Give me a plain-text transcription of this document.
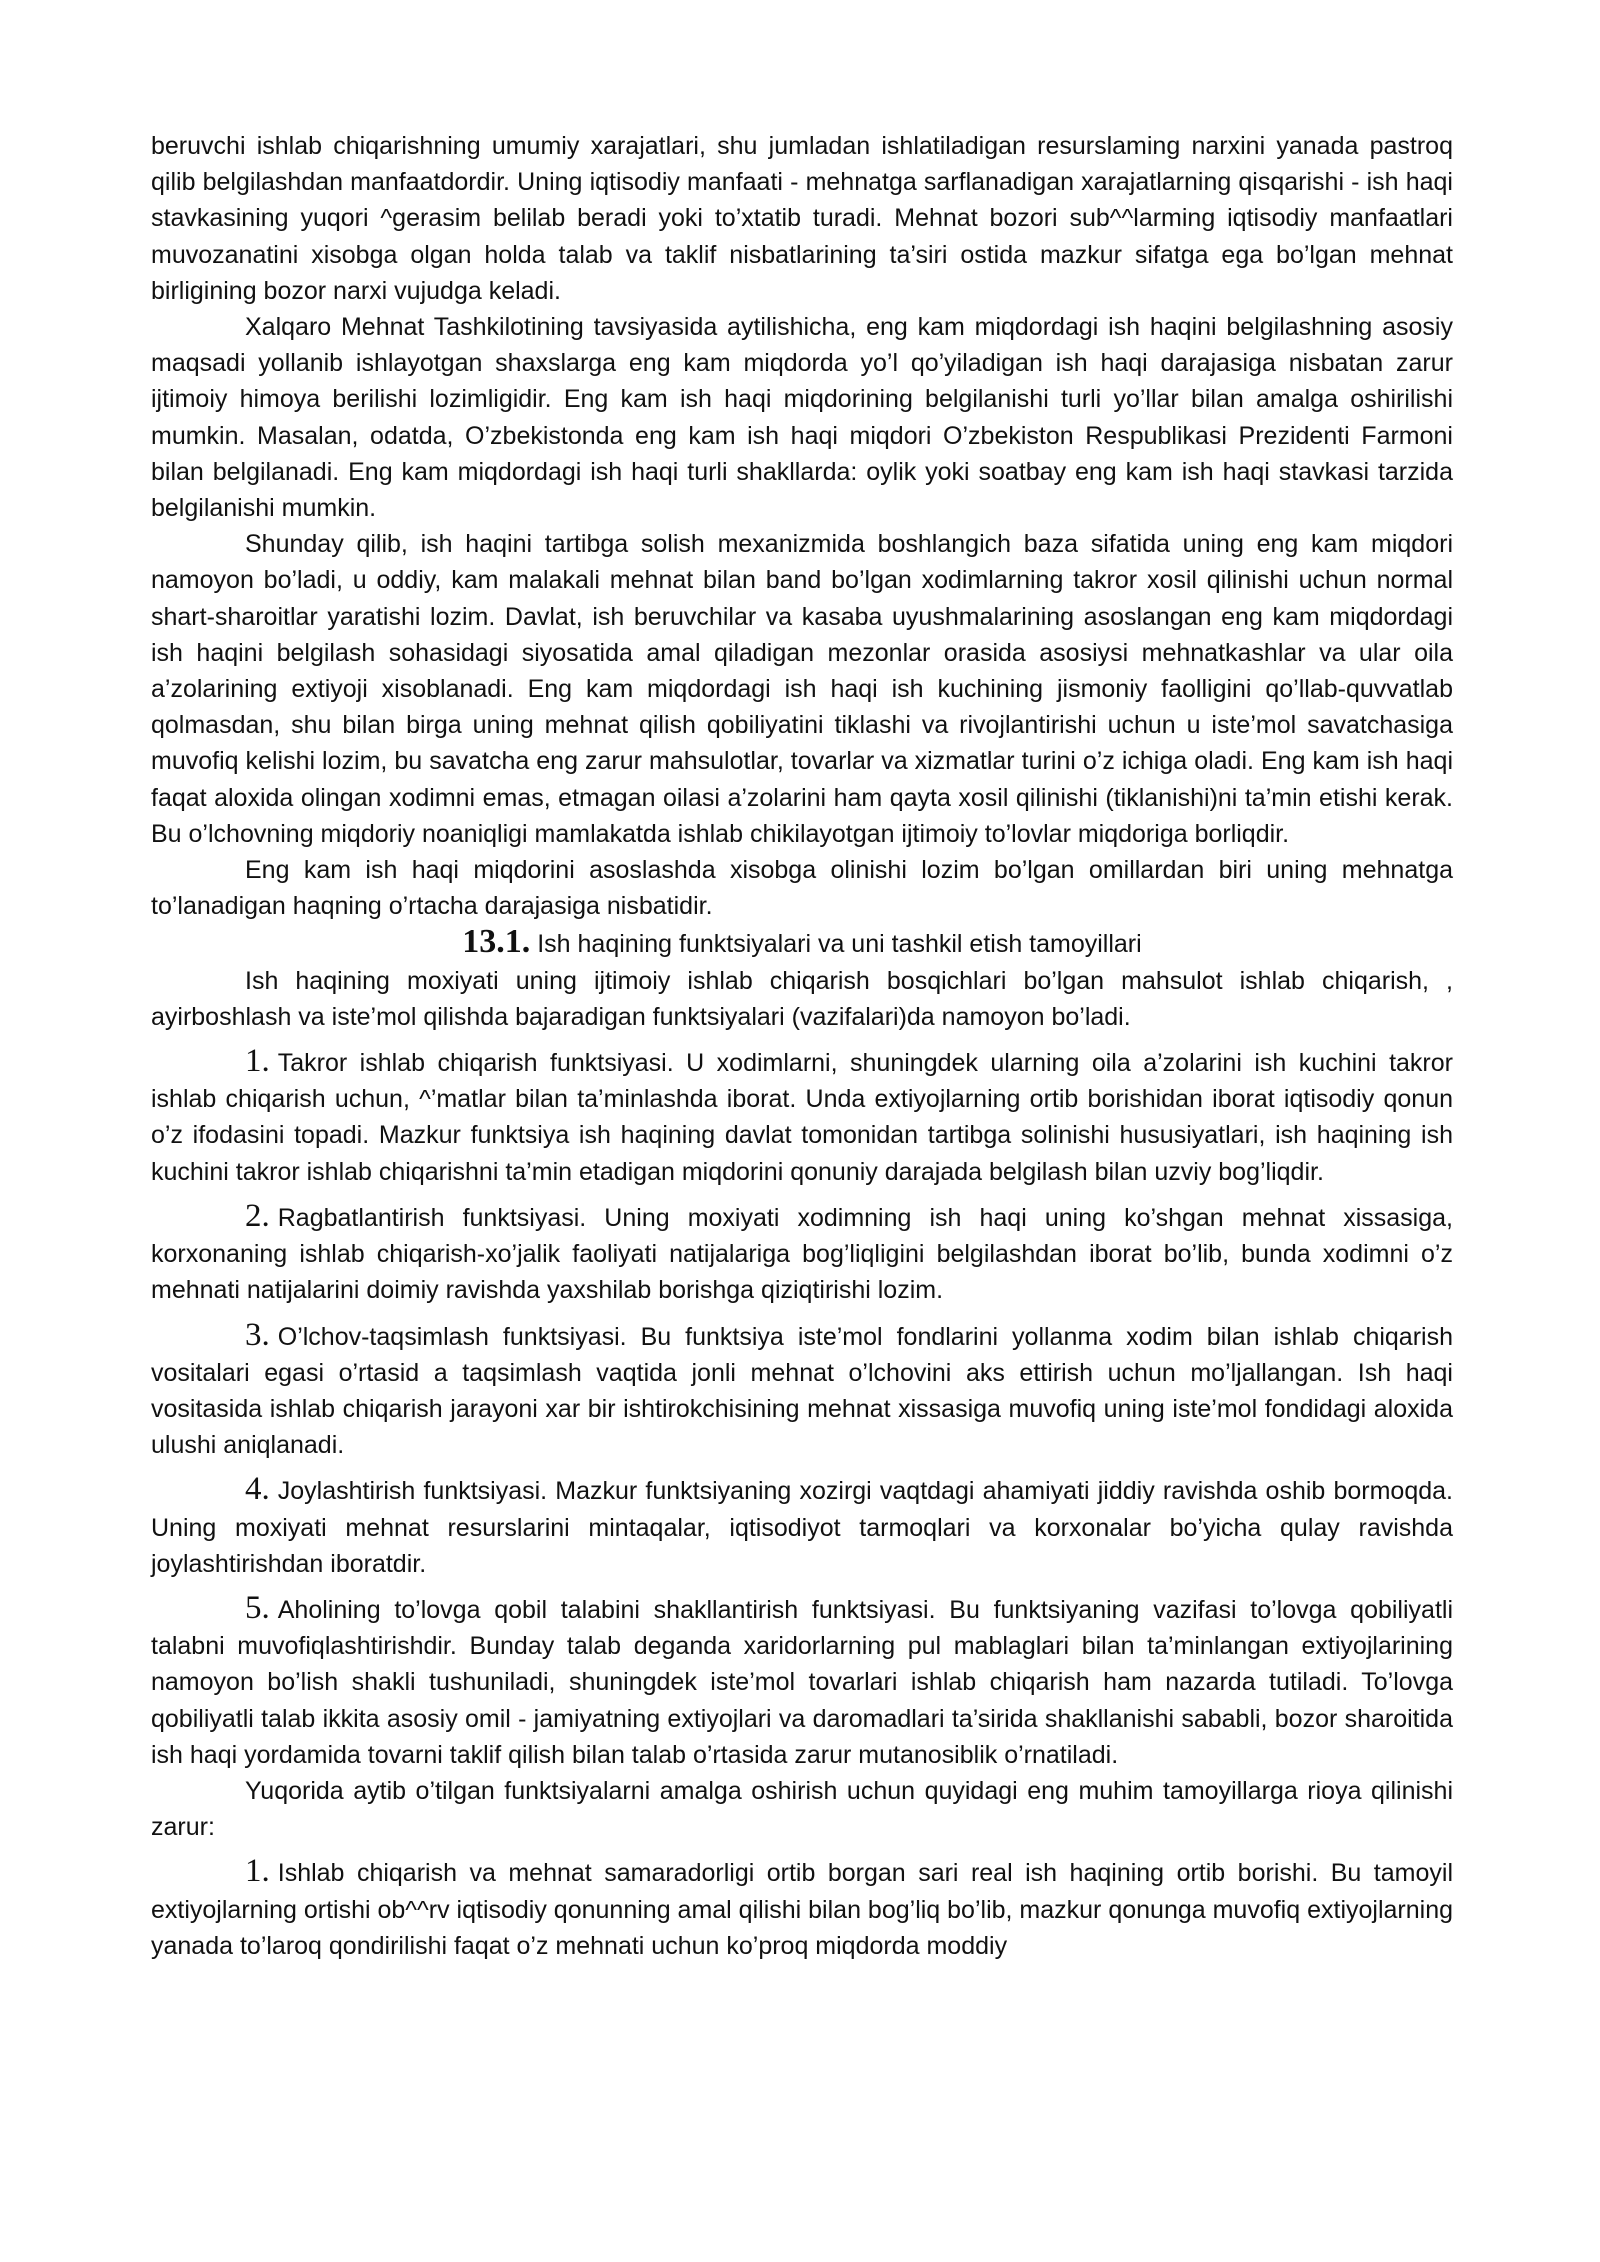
beruvchi ishlab chiqarishning umumiy xarajatlari, shu jumladan ishlatiladigan resurslaming narxini yanada pastroq qilib belgilashdan manfaatdordir. Uning iqtisodiy manfaati - mehnatga sarflanadigan xarajatlarning qisqarishi - ish haqi stavkasining yuqori ^gerasim belilab beradi yoki to’xtatib turadi. Mehnat bozori sub^^larming iqtisodiy manfaatlari muvozanatini xisobga olgan holda talab va taklif nisbatlarining ta’siri ostida mazkur sifatga ega bo’lgan mehnat birligining bozor narxi vujudga keladi.

Xalqaro Mehnat Tashkilotining tavsiyasida aytilishicha, eng kam miqdordagi ish haqini belgilashning asosiy maqsadi yollanib ishlayotgan shaxslarga eng kam miqdorda yo’l qo’yiladigan ish haqi darajasiga nisbatan zarur ijtimoiy himoya berilishi lozimligidir. Eng kam ish haqi miqdorining belgilanishi turli yo’llar bilan amalga oshirilishi mumkin. Masalan, odatda, O’zbekistonda eng kam ish haqi miqdori O’zbekiston Respublikasi Prezidenti Farmoni bilan belgilanadi. Eng kam miqdordagi ish haqi turli shakllarda: oylik yoki soatbay eng kam ish haqi stavkasi tarzida belgilanishi mumkin.

Shunday qilib, ish haqini tartibga solish mexanizmida boshlangich baza sifatida uning eng kam miqdori namoyon bo’ladi, u oddiy, kam malakali mehnat bilan band bo’lgan xodimlarning takror xosil qilinishi uchun normal shart-sharoitlar yaratishi lozim. Davlat, ish beruvchilar va kasaba uyushmalarining asoslangan eng kam miqdordagi ish haqini belgilash sohasidagi siyosatida amal qiladigan mezonlar orasida asosiysi mehnatkashlar va ular oila a’zolarining extiyoji xisoblanadi. Eng kam miqdordagi ish haqi ish kuchining jismoniy faolligini qo’llab-quvvatlab qolmasdan, shu bilan birga uning mehnat qilish qobiliyatini tiklashi va rivojlantirishi uchun u iste’mol savatchasiga muvofiq kelishi lozim, bu savatcha eng zarur mahsulotlar, tovarlar va xizmatlar turini o’z ichiga oladi. Eng kam ish haqi faqat aloxida olingan xodimni emas, etmagan oilasi a’zolarini ham qayta xosil qilinishi (tiklanishi)ni ta’min etishi kerak. Bu o’lchovning miqdoriy noaniqligi mamlakatda ishlab chikilayotgan ijtimoiy to’lovlar miqdoriga borliqdir.

Eng kam ish haqi miqdorini asoslashda xisobga olinishi lozim bo’lgan omillardan biri uning mehnatga to’lanadigan haqning o’rtacha darajasiga nisbatidir.

13.1. Ish haqining funktsiyalari va uni tashkil etish tamoyillari

Ish haqining moxiyati uning ijtimoiy ishlab chiqarish bosqichlari bo’lgan mahsulot ishlab chiqarish, , ayirboshlash va iste’mol qilishda bajaradigan funktsiyalari (vazifalari)da namoyon bo’ladi.

1. Takror ishlab chiqarish funktsiyasi. U xodimlarni, shuningdek ularning oila a’zolarini ish kuchini takror ishlab chiqarish uchun, ^’matlar bilan ta’minlashda iborat. Unda extiyojlarning ortib borishidan iborat iqtisodiy qonun o’z ifodasini topadi. Mazkur funktsiya ish haqining davlat tomonidan tartibga solinishi hususiyatlari, ish haqining ish kuchini takror ishlab chiqarishni ta’min etadigan miqdorini qonuniy darajada belgilash bilan uzviy bog’liqdir.

2. Ragbatlantirish funktsiyasi. Uning moxiyati xodimning ish haqi uning ko’shgan mehnat xissasiga, korxonaning ishlab chiqarish-xo’jalik faoliyati natijalariga bog’liqligini belgilashdan iborat bo’lib, bunda xodimni o’z mehnati natijalarini doimiy ravishda yaxshilab borishga qiziqtirishi lozim.

3. O’lchov-taqsimlash funktsiyasi. Bu funktsiya iste’mol fondlarini yollanma xodim bilan ishlab chiqarish vositalari egasi o’rtasid a taqsimlash vaqtida jonli mehnat o’lchovini aks ettirish uchun mo’ljallangan. Ish haqi vositasida ishlab chiqarish jarayoni xar bir ishtirokchisining mehnat xissasiga muvofiq uning iste’mol fondidagi aloxida ulushi aniqlanadi.

4. Joylashtirish funktsiyasi. Mazkur funktsiyaning xozirgi vaqtdagi ahamiyati jiddiy ravishda oshib bormoqda. Uning moxiyati mehnat resurslarini mintaqalar, iqtisodiyot tarmoqlari va korxonalar bo’yicha qulay ravishda joylashtirishdan iboratdir.

5. Aholining to’lovga qobil talabini shakllantirish funktsiyasi. Bu funktsiyaning vazifasi to’lovga qobiliyatli talabni muvofiqlashtirishdir. Bunday talab deganda xaridorlarning pul mablaglari bilan ta’minlangan extiyojlarining namoyon bo’lish shakli tushuniladi, shuningdek iste’mol tovarlari ishlab chiqarish ham nazarda tutiladi. To’lovga qobiliyatli talab ikkita asosiy omil - jamiyatning extiyojlari va daromadlari ta’sirida shakllanishi sababli, bozor sharoitida ish haqi yordamida tovarni taklif qilish bilan talab o’rtasida zarur mutanosiblik o’rnatiladi.

Yuqorida aytib o’tilgan funktsiyalarni amalga oshirish uchun quyidagi eng muhim tamoyillarga rioya qilinishi zarur:

1. Ishlab chiqarish va mehnat samaradorligi ortib borgan sari real ish haqining ortib borishi. Bu tamoyil extiyojlarning ortishi ob^^rv iqtisodiy qonunning amal qilishi bilan bog’liq bo’lib, mazkur qonunga muvofiq extiyojlarning yanada to’laroq qondirilishi faqat o’z mehnati uchun ko’proq miqdorda moddiy
